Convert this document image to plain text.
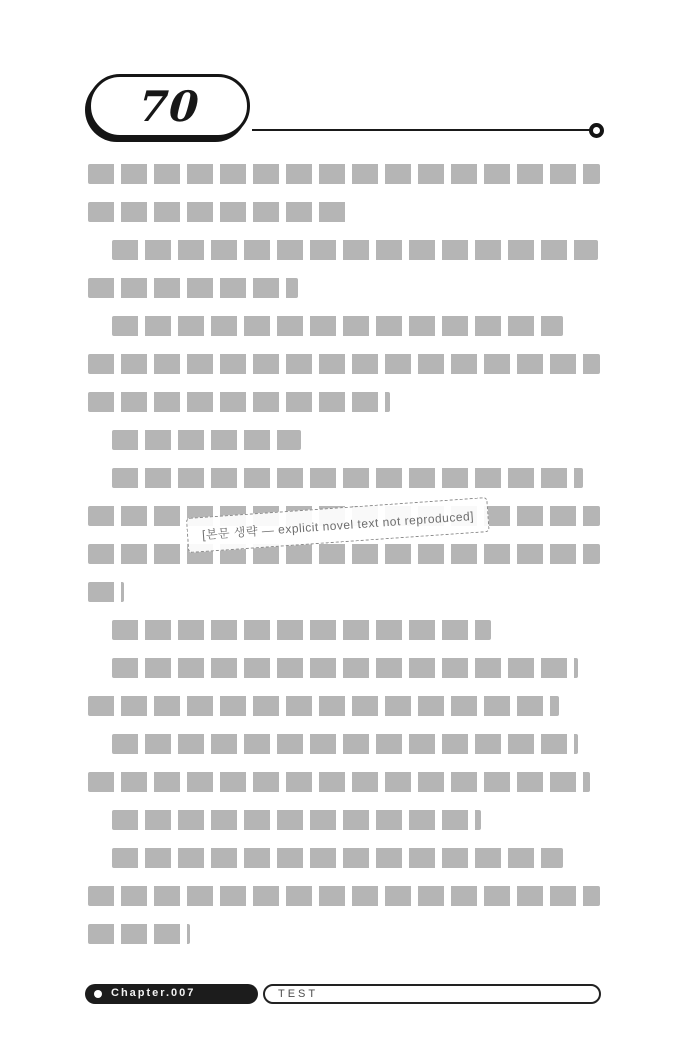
70
[본문 생략 — explicit novel text not reproduced]
Chapter.007	TEST
